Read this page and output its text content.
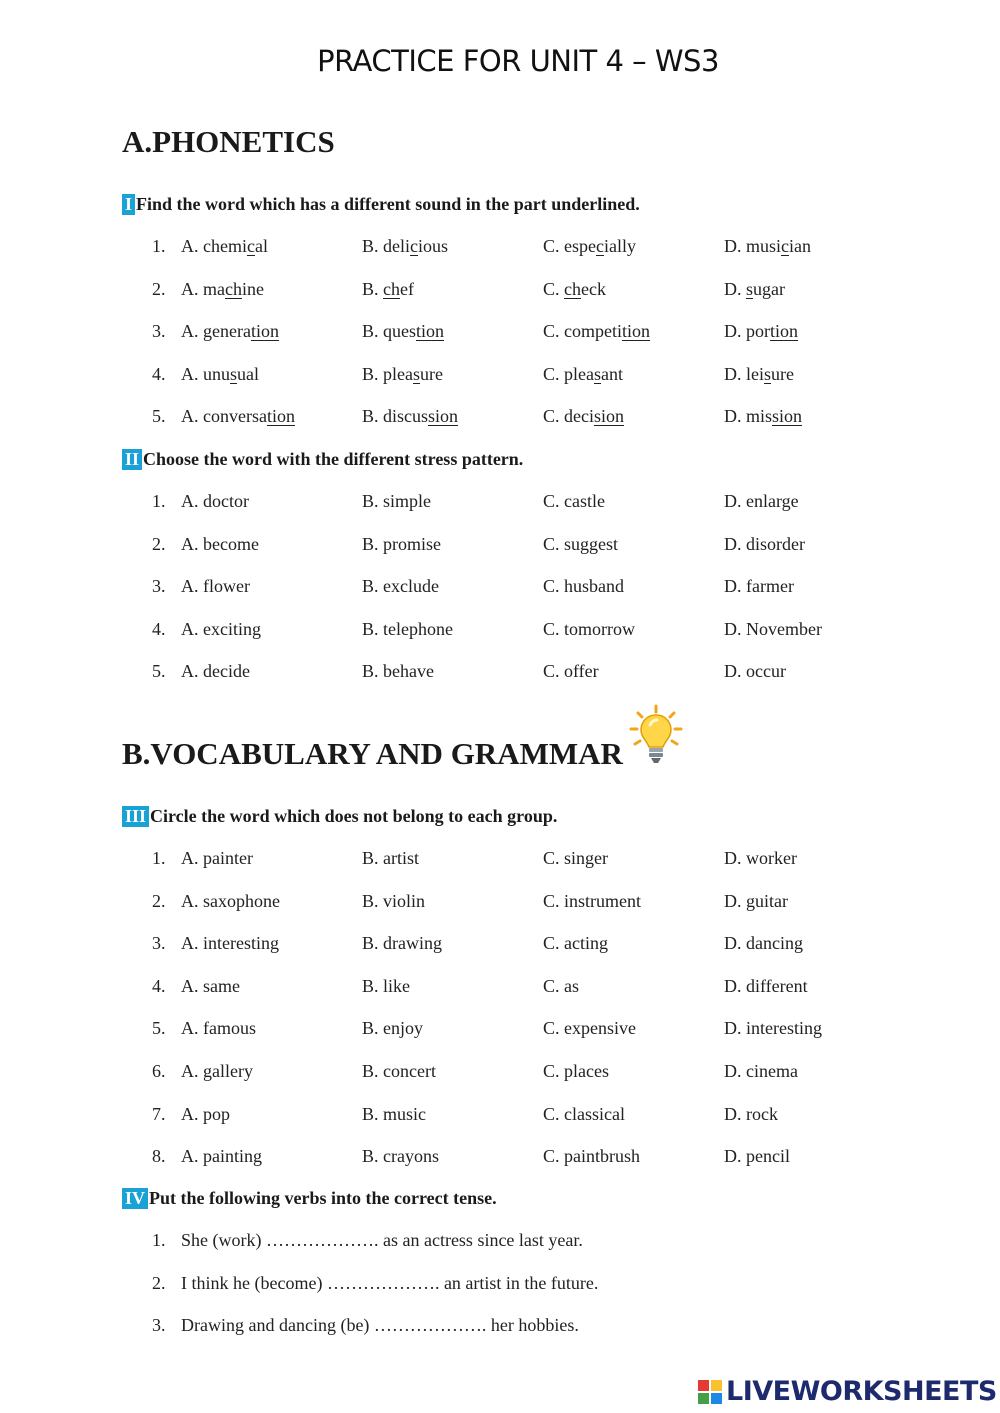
PRACTICE FOR UNIT 4 – WS3
A.PHONETICS
I Find the word which has a different sound in the part underlined.
1. A. chemical	B. delicious	C. especially	D. musician
2. A. machine	B. chef	C. check	D. sugar
3. A. generation	B. question	C. competition	D. portion
4. A. unusual	B. pleasure	C. pleasant	D. leisure
5. A. conversation	B. discussion	C. decision	D. mission
II Choose the word with the different stress pattern.
1. A. doctor	B. simple	C. castle	D. enlarge
2. A. become	B. promise	C. suggest	D. disorder
3. A. flower	B. exclude	C. husband	D. farmer
4. A. exciting	B. telephone	C. tomorrow	D. November
5. A. decide	B. behave	C. offer	D. occur
B.VOCABULARY AND GRAMMAR
III Circle the word which does not belong to each group.
1. A. painter	B. artist	C. singer	D. worker
2. A. saxophone	B. violin	C. instrument	D. guitar
3. A. interesting	B. drawing	C. acting	D. dancing
4. A. same	B. like	C. as	D. different
5. A. famous	B. enjoy	C. expensive	D. interesting
6. A. gallery	B. concert	C. places	D. cinema
7. A. pop	B. music	C. classical	D. rock
8. A. painting	B. crayons	C. paintbrush	D. pencil
IV Put the following verbs into the correct tense.
1. She (work) ………………. as an actress since last year.
2. I think he (become) ………………. an artist in the future.
3. Drawing and dancing (be) ………………. her hobbies.
LIVEWORKSHEETS
